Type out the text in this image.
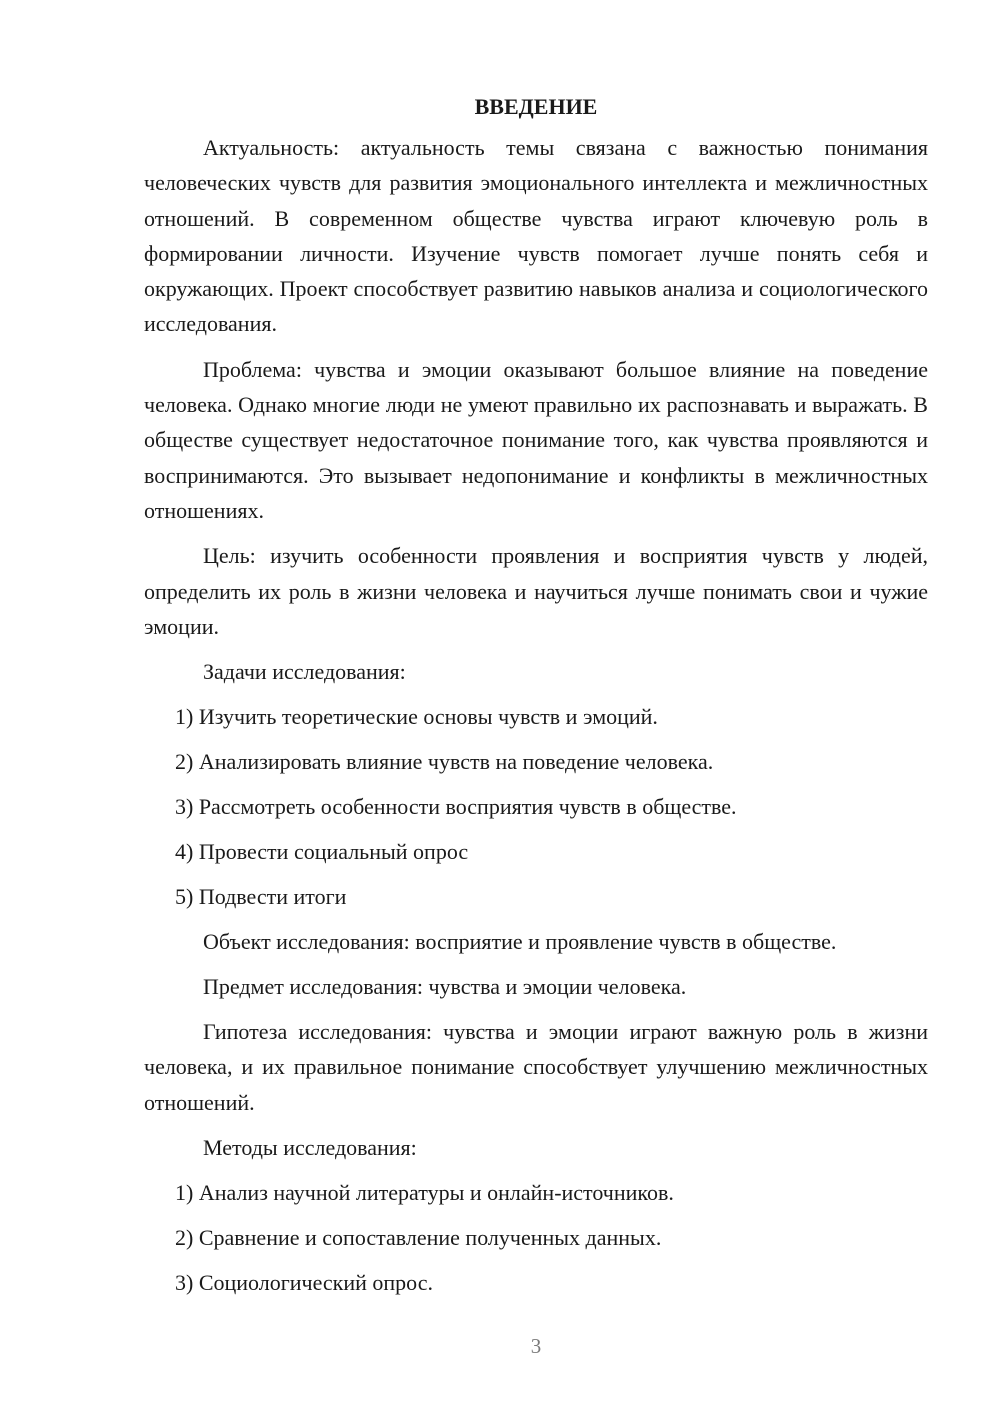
ВВЕДЕНИЕ

Актуальность: актуальность темы связана с важностью понимания человеческих чувств для развития эмоционального интеллекта и межличностных отношений. В современном обществе чувства играют ключевую роль в формировании личности. Изучение чувств помогает лучше понять себя и окружающих. Проект способствует развитию навыков анализа и социологического исследования.

Проблема: чувства и эмоции оказывают большое влияние на поведение человека. Однако многие люди не умеют правильно их распознавать и выражать. В обществе существует недостаточное понимание того, как чувства проявляются и воспринимаются. Это вызывает недопонимание и конфликты в межличностных отношениях.

Цель: изучить особенности проявления и восприятия чувств у людей, определить их роль в жизни человека и научиться лучше понимать свои и чужие эмоции.

Задачи исследования:

1) Изучить теоретические основы чувств и эмоций.

2) Анализировать влияние чувств на поведение человека.

3) Рассмотреть особенности восприятия чувств в обществе.

4) Провести социальный опрос

5) Подвести итоги

Объект исследования: восприятие и проявление чувств в обществе.

Предмет исследования: чувства и эмоции человека.

Гипотеза исследования: чувства и эмоции играют важную роль в жизни человека, и их правильное понимание способствует улучшению межличностных отношений.

Методы исследования:

1) Анализ научной литературы и онлайн-источников.

2) Сравнение и сопоставление полученных данных.

3) Социологический опрос.

3
